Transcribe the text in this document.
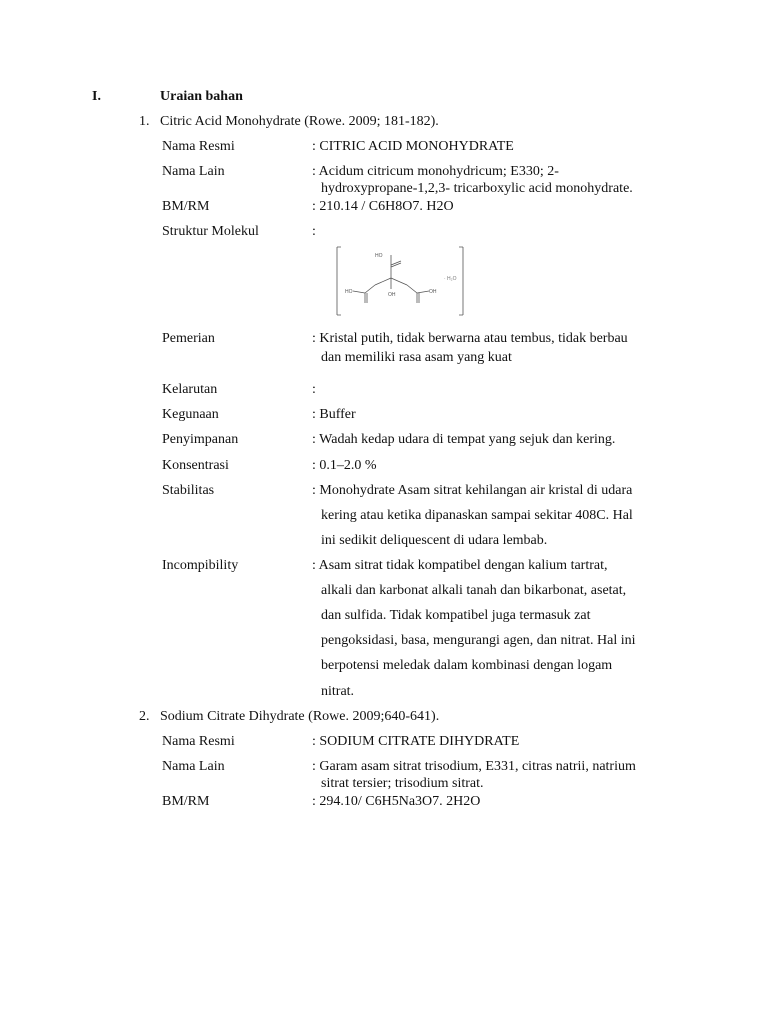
I.	Uraian bahan
1. Citric Acid Monohydrate (Rowe. 2009; 181-182).
Nama Resmi	: CITRIC ACID MONOHYDRATE
Nama Lain	: Acidum citricum monohydricum; E330; 2-
hydroxypropane-1,2,3- tricarboxylic acid monohydrate.
BM/RM	: 210.14 / C6H8O7. H2O
Struktur Molekul	:
HO
HO	OH	OH
· H₂O
Pemerian	: Kristal putih, tidak berwarna atau tembus, tidak berbau
dan memiliki rasa asam yang kuat
Kelarutan	:
Kegunaan	: Buffer
Penyimpanan	: Wadah kedap udara di tempat yang sejuk dan kering.
Konsentrasi	: 0.1–2.0 %
Stabilitas	: Monohydrate Asam sitrat kehilangan air kristal di udara
kering atau ketika dipanaskan sampai sekitar 408C. Hal
ini sedikit deliquescent di udara lembab.
Incompibility	: Asam sitrat tidak kompatibel dengan kalium tartrat,
alkali dan karbonat alkali tanah dan bikarbonat, asetat,
dan sulfida. Tidak kompatibel juga termasuk zat
pengoksidasi, basa, mengurangi agen, dan nitrat. Hal ini
berpotensi meledak dalam kombinasi dengan logam
nitrat.
2. Sodium Citrate Dihydrate (Rowe. 2009;640-641).
Nama Resmi	: SODIUM CITRATE DIHYDRATE
Nama Lain	: Garam asam sitrat trisodium, E331, citras natrii, natrium
sitrat tersier; trisodium sitrat.
BM/RM	: 294.10/ C6H5Na3O7. 2H2O
